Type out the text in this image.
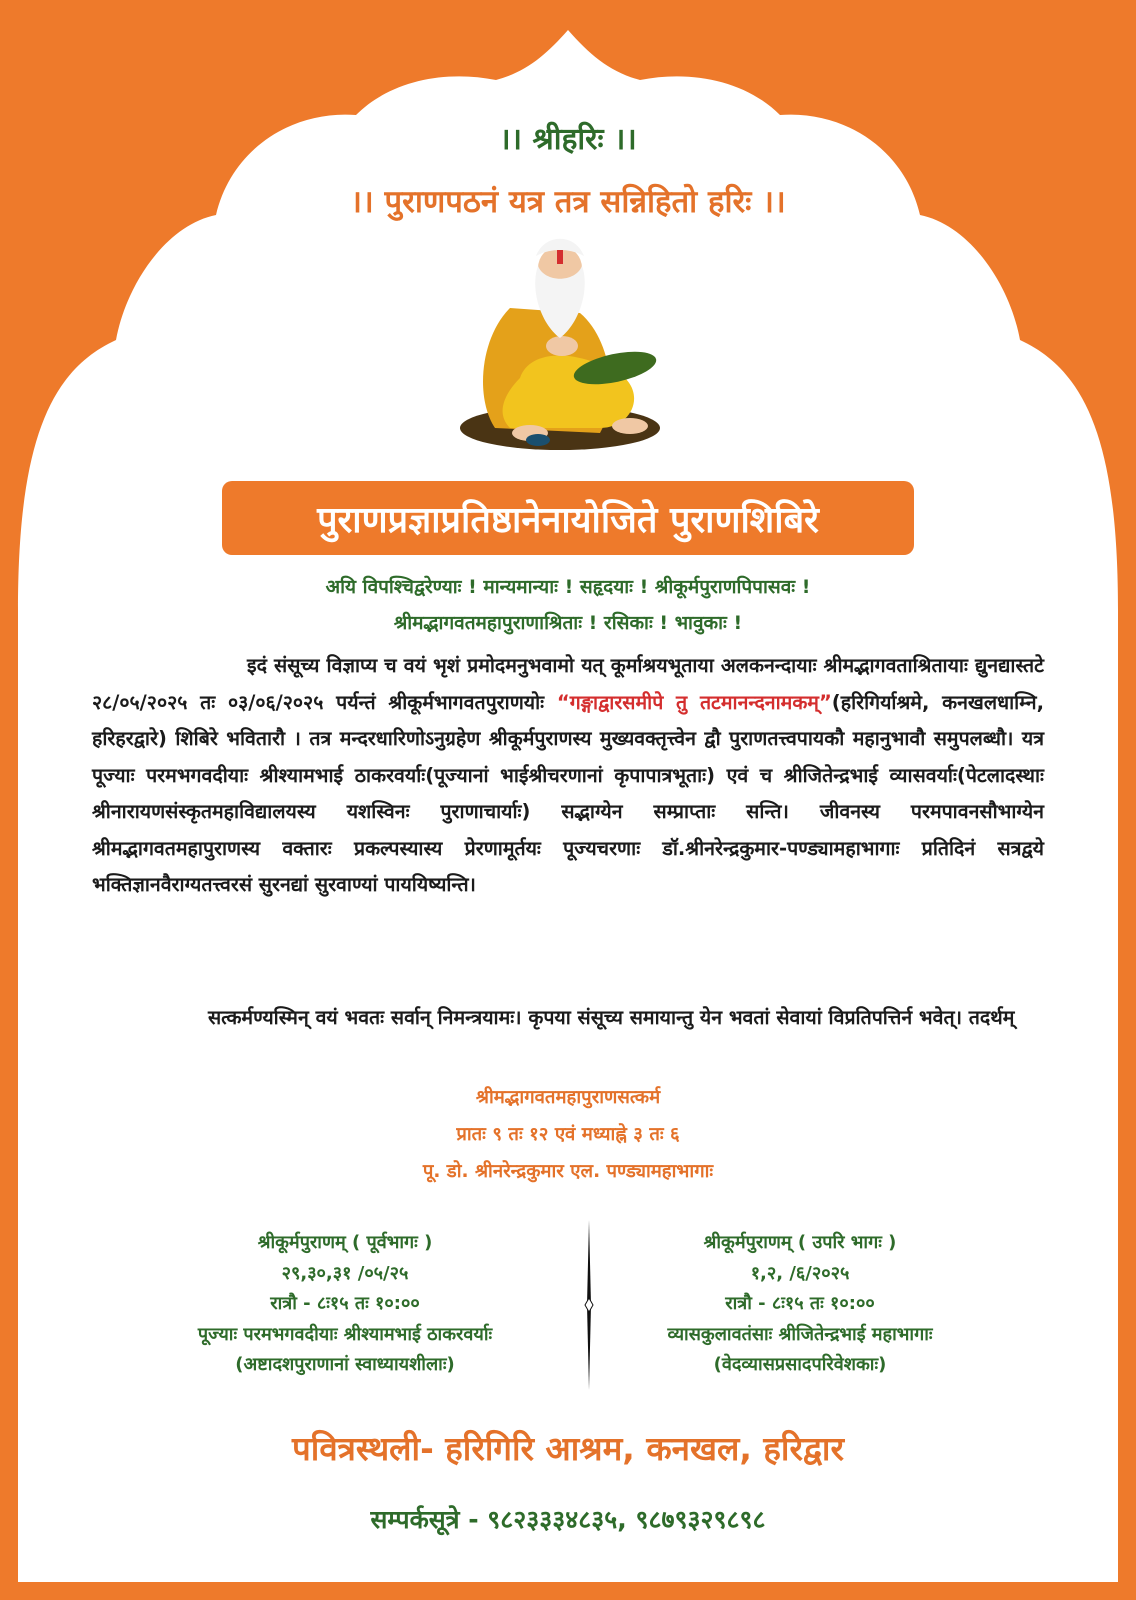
।। श्रीहरिः ।।
।। पुराणपठनं यत्र तत्र सन्निहितो हरिः ।।
पुराणप्रज्ञाप्रतिष्ठानेनायोजिते पुराणशिबिरे
अयि विपश्चिद्वरेण्याः ! मान्यमान्याः ! सहृदयाः ! श्रीकूर्मपुराणपिपासवः !
श्रीमद्भागवतमहापुराणाश्रिताः ! रसिकाः ! भावुकाः !
इदं संसूच्य विज्ञाप्य च वयं भृशं प्रमोदमनुभवामो यत् कूर्माश्रयभूताया अलकनन्दायाः श्रीमद्भागवताश्रितायाः द्युनद्यास्तटे २८/०५/२०२५ तः ०३/०६/२०२५ पर्यन्तं श्रीकूर्मभागवतपुराणयोः “गङ्गाद्वारसमीपे तु तटमानन्दनामकम्”(हरिगिर्याश्रमे, कनखलधाम्नि, हरिहरद्वारे) शिबिरे भवितारौ । तत्र मन्दरधारिणोऽनुग्रहेण श्रीकूर्मपुराणस्य मुख्यवक्तृत्त्वेन द्वौ पुराणतत्त्वपायकौ महानुभावौ समुपलब्धौ। यत्र पूज्याः परमभगवदीयाः श्रीश्यामभाई ठाकरवर्याः(पूज्यानां भाईश्रीचरणानां कृपापात्रभूताः) एवं च श्रीजितेन्द्रभाई व्यासवर्याः(पेटलादस्थाः श्रीनारायणसंस्कृतमहाविद्यालयस्य यशस्विनः पुराणाचार्याः) सद्भाग्येन सम्प्राप्ताः सन्ति। जीवनस्य परमपावनसौभाग्येन श्रीमद्भागवतमहापुराणस्य वक्तारः प्रकल्पस्यास्य प्रेरणामूर्तयः पूज्यचरणाः डॉ.श्रीनरेन्द्रकुमार-पण्ड्यामहाभागाः प्रतिदिनं सत्रद्वये भक्तिज्ञानवैराग्यतत्त्वरसं सुरनद्यां सुरवाण्यां पाययिष्यन्ति।
सत्कर्मण्यस्मिन् वयं भवतः सर्वान् निमन्त्रयामः। कृपया संसूच्य समायान्तु येन भवतां सेवायां विप्रतिपत्तिर्न भवेत्। तदर्थम्
श्रीमद्भागवतमहापुराणसत्कर्म
प्रातः ९ तः १२ एवं मध्याह्ने ३ तः ६
पू. डो. श्रीनरेन्द्रकुमार एल. पण्ड्यामहाभागाः
श्रीकूर्मपुराणम् ( पूर्वभागः )
२९,३०,३१ /०५/२५
रात्रौ - ८ः१५ तः १०:००
पूज्याः परमभगवदीयाः श्रीश्यामभाई ठाकरवर्याः
(अष्टादशपुराणानां स्वाध्यायशीलाः)
श्रीकूर्मपुराणम् ( उपरि भागः )
१,२, /६/२०२५
रात्रौ - ८ः१५ तः १०:००
व्यासकुलावतंसाः श्रीजितेन्द्रभाई महाभागाः
(वेदव्यासप्रसादपरिवेशकाः)
पवित्रस्थली- हरिगिरि आश्रम, कनखल, हरिद्वार
सम्पर्कसूत्रे - ९८२३३३४८३५, ९८७९३२९८९८
